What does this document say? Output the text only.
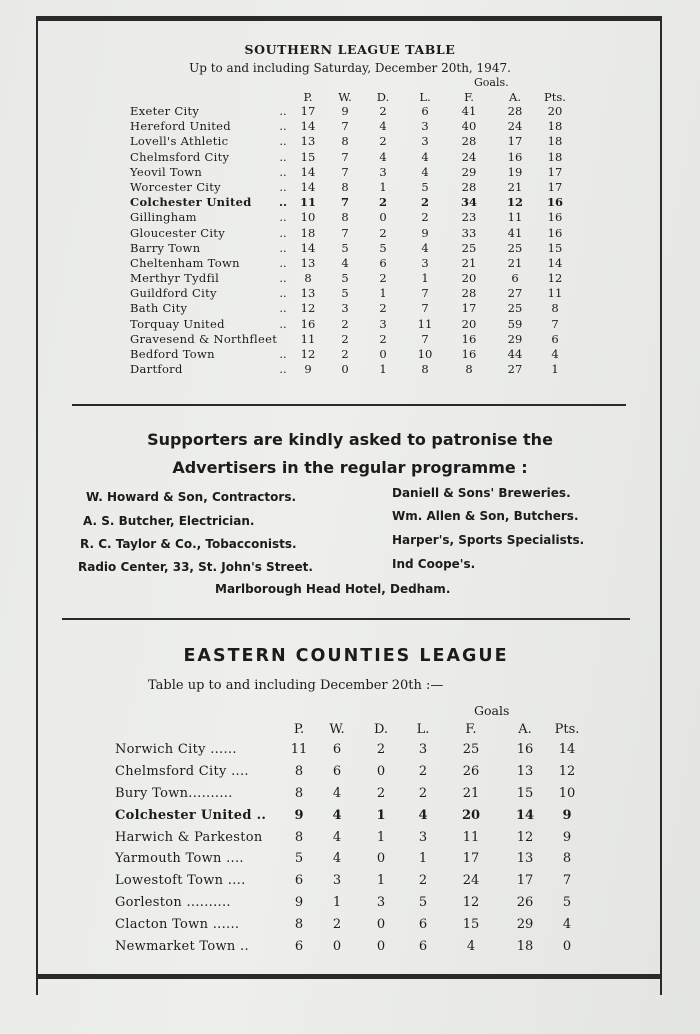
SOUTHERN LEAGUE TABLE

Up to and including Saturday, December 20th, 1947.

Goals.
P.	W.	D.	L.	F.	A.	Pts.
Exeter City	..	17	9	2	6	41	28	20
Hereford United	..	14	7	4	3	40	24	18
Lovell's Athletic	..	13	8	2	3	28	17	18
Chelmsford City	..	15	7	4	4	24	16	18
Yeovil Town	..	14	7	3	4	29	19	17
Worcester City	..	14	8	1	5	28	21	17
Colchester United	..	11	7	2	2	34	12	16
Gillingham	..	10	8	0	2	23	11	16
Gloucester City	..	18	7	2	9	33	41	16
Barry Town	..	14	5	5	4	25	25	15
Cheltenham Town	..	13	4	6	3	21	21	14
Merthyr Tydfil	..	8	5	2	1	20	6	12
Guildford City	..	13	5	1	7	28	27	11
Bath City	..	12	3	2	7	17	25	8
Torquay United	..	16	2	3	11	20	59	7
Gravesend & Northfleet	11	2	2	7	16	29	6
Bedford Town	..	12	2	0	10	16	44	4
Dartford	..	9	0	1	8	8	27	1

Supporters are kindly asked to patronise the

Advertisers in the regular programme :

W. Howard & Son, Contractors.
A. S. Butcher, Electrician.
R. C. Taylor & Co., Tobacconists.
Radio Center, 33, St. John's Street.
Daniell & Sons' Breweries.
Wm. Allen & Son, Butchers.
Harper's, Sports Specialists.
Ind Coope's.
Marlborough Head Hotel, Dedham.
EASTERN COUNTIES LEAGUE

Table up to and including December 20th :—

Goals
P.	W.	D.	L.	F.	A.	Pts.
Norwich City ......	11	6	2	3	25	16	14
Chelmsford City ....	8	6	0	2	26	13	12
Bury Town..........	8	4	2	2	21	15	10
Colchester United ..	9	4	1	4	20	14	9
Harwich & Parkeston	8	4	1	3	11	12	9
Yarmouth Town ....	5	4	0	1	17	13	8
Lowestoft Town ....	6	3	1	2	24	17	7
Gorleston ..........	9	1	3	5	12	26	5
Clacton Town ......	8	2	0	6	15	29	4
Newmarket Town ..	6	0	0	6	4	18	0
